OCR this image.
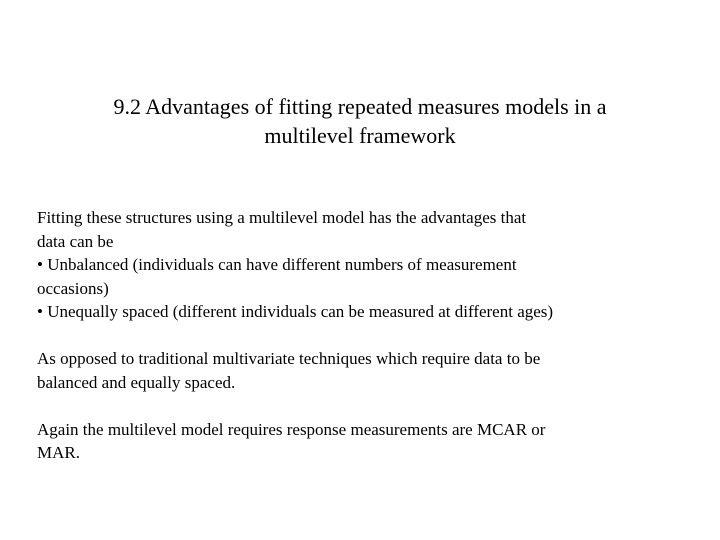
9.2 Advantages of fitting repeated measures models in a
multilevel framework
Fitting these structures using a multilevel model has the advantages that
data can be
• Unbalanced (individuals can have different numbers of measurement
occasions)
• Unequally spaced (different individuals can be measured at different ages)
As opposed to traditional multivariate techniques which require data to be
balanced and equally spaced.
Again the multilevel model requires response measurements are MCAR or
MAR.
